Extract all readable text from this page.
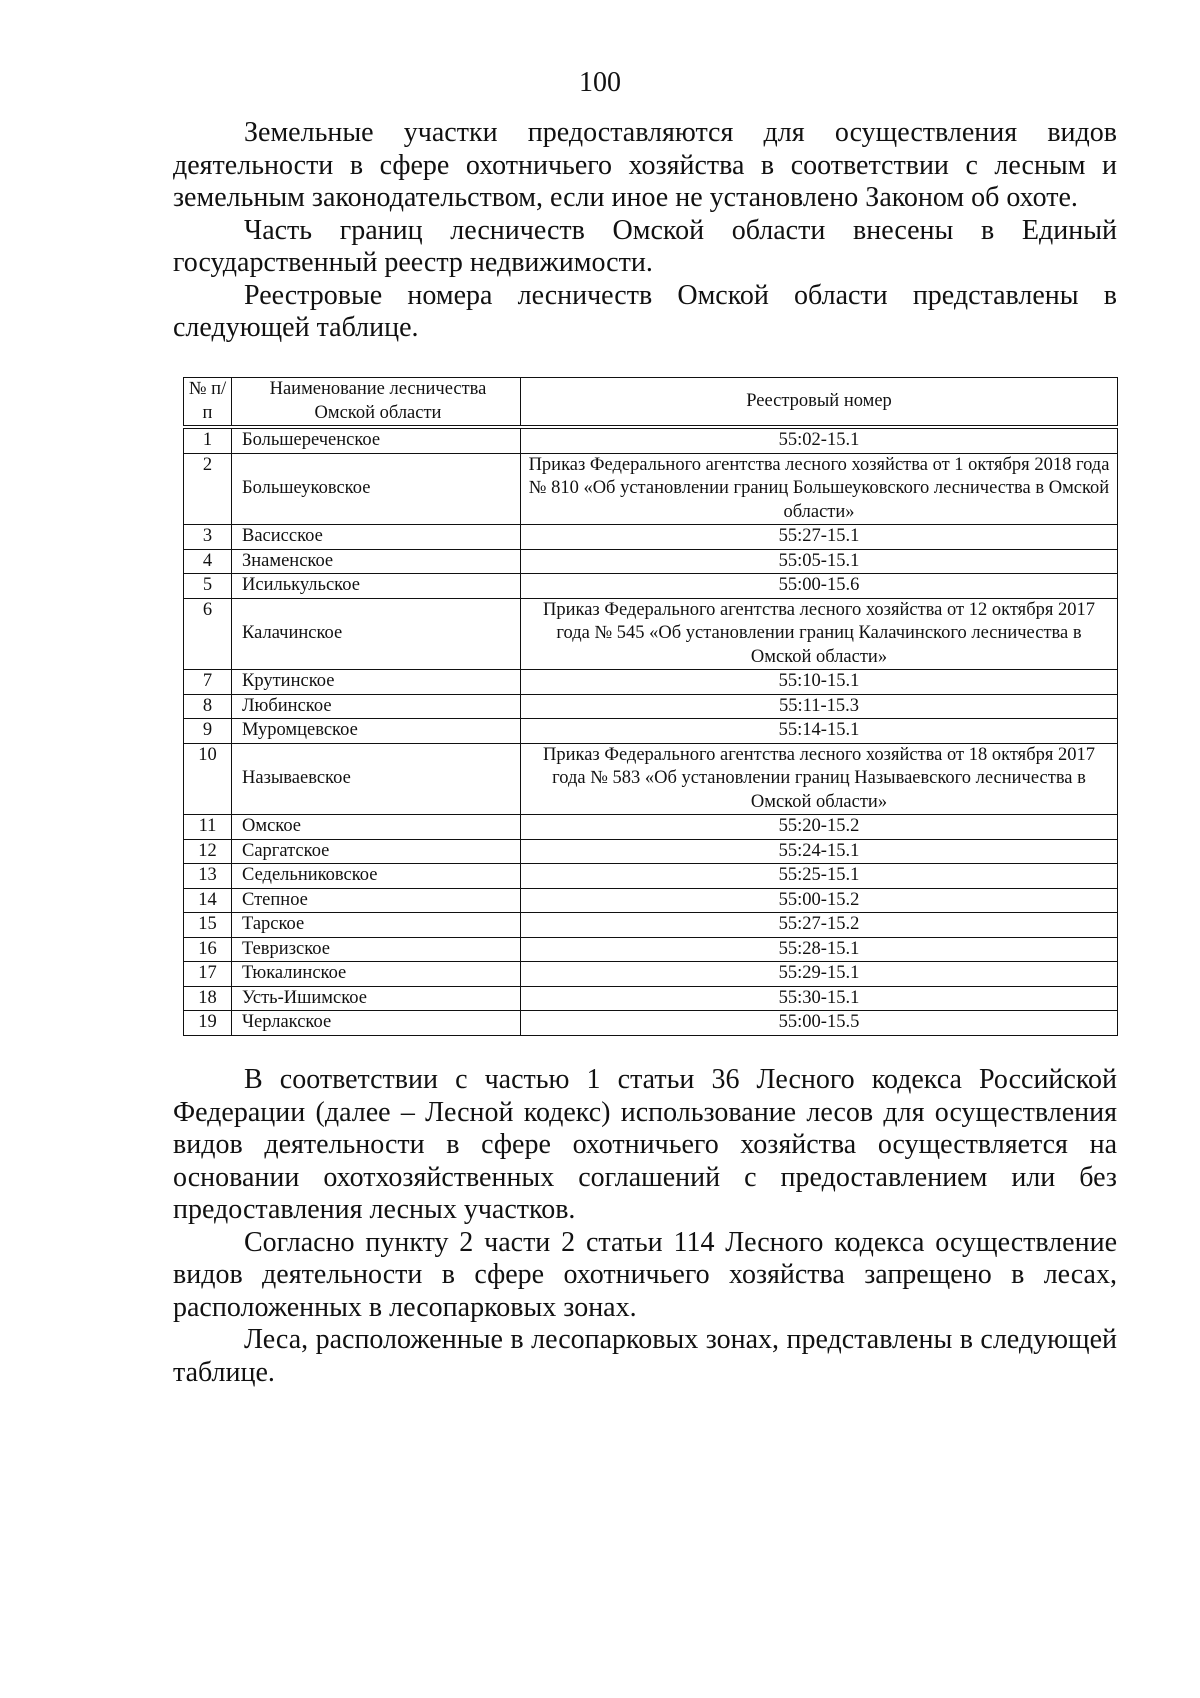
100

Земельные участки предоставляются для осуществления видов деятельности в сфере охотничьего хозяйства в соответствии с лесным и земельным законодательством, если иное не установлено Законом об охоте.

Часть границ лесничеств Омской области внесены в Единый государственный реестр недвижимости.

Реестровые номера лесничеств Омской области представлены в следующей таблице.

№ п/п	Наименование лесничества Омской области	Реестровый номер
1	Большереченское	55:02-15.1
2	Большеуковское	Приказ Федерального агентства лесного хозяйства от 1 октября 2018 года № 810 «Об установлении границ Большеуковского лесничества в Омской области»
3	Васисское	55:27-15.1
4	Знаменское	55:05-15.1
5	Исилькульское	55:00-15.6
6	Калачинское	Приказ Федерального агентства лесного хозяйства от 12 октября 2017 года № 545 «Об установлении границ Калачинского лесничества в Омской области»
7	Крутинское	55:10-15.1
8	Любинское	55:11-15.3
9	Муромцевское	55:14-15.1
10	Называевское	Приказ Федерального агентства лесного хозяйства от 18 октября 2017 года № 583 «Об установлении границ Называевского лесничества в Омской области»
11	Омское	55:20-15.2
12	Саргатское	55:24-15.1
13	Седельниковское	55:25-15.1
14	Степное	55:00-15.2
15	Тарское	55:27-15.2
16	Тевризское	55:28-15.1
17	Тюкалинское	55:29-15.1
18	Усть-Ишимское	55:30-15.1
19	Черлакское	55:00-15.5

В соответствии с частью 1 статьи 36 Лесного кодекса Российской Федерации (далее – Лесной кодекс) использование лесов для осуществления видов деятельности в сфере охотничьего хозяйства осуществляется на основании охотхозяйственных соглашений с предоставлением или без предоставления лесных участков.

Согласно пункту 2 части 2 статьи 114 Лесного кодекса осуществление видов деятельности в сфере охотничьего хозяйства запрещено в лесах, расположенных в лесопарковых зонах.

Леса, расположенные в лесопарковых зонах, представлены в следующей таблице.
